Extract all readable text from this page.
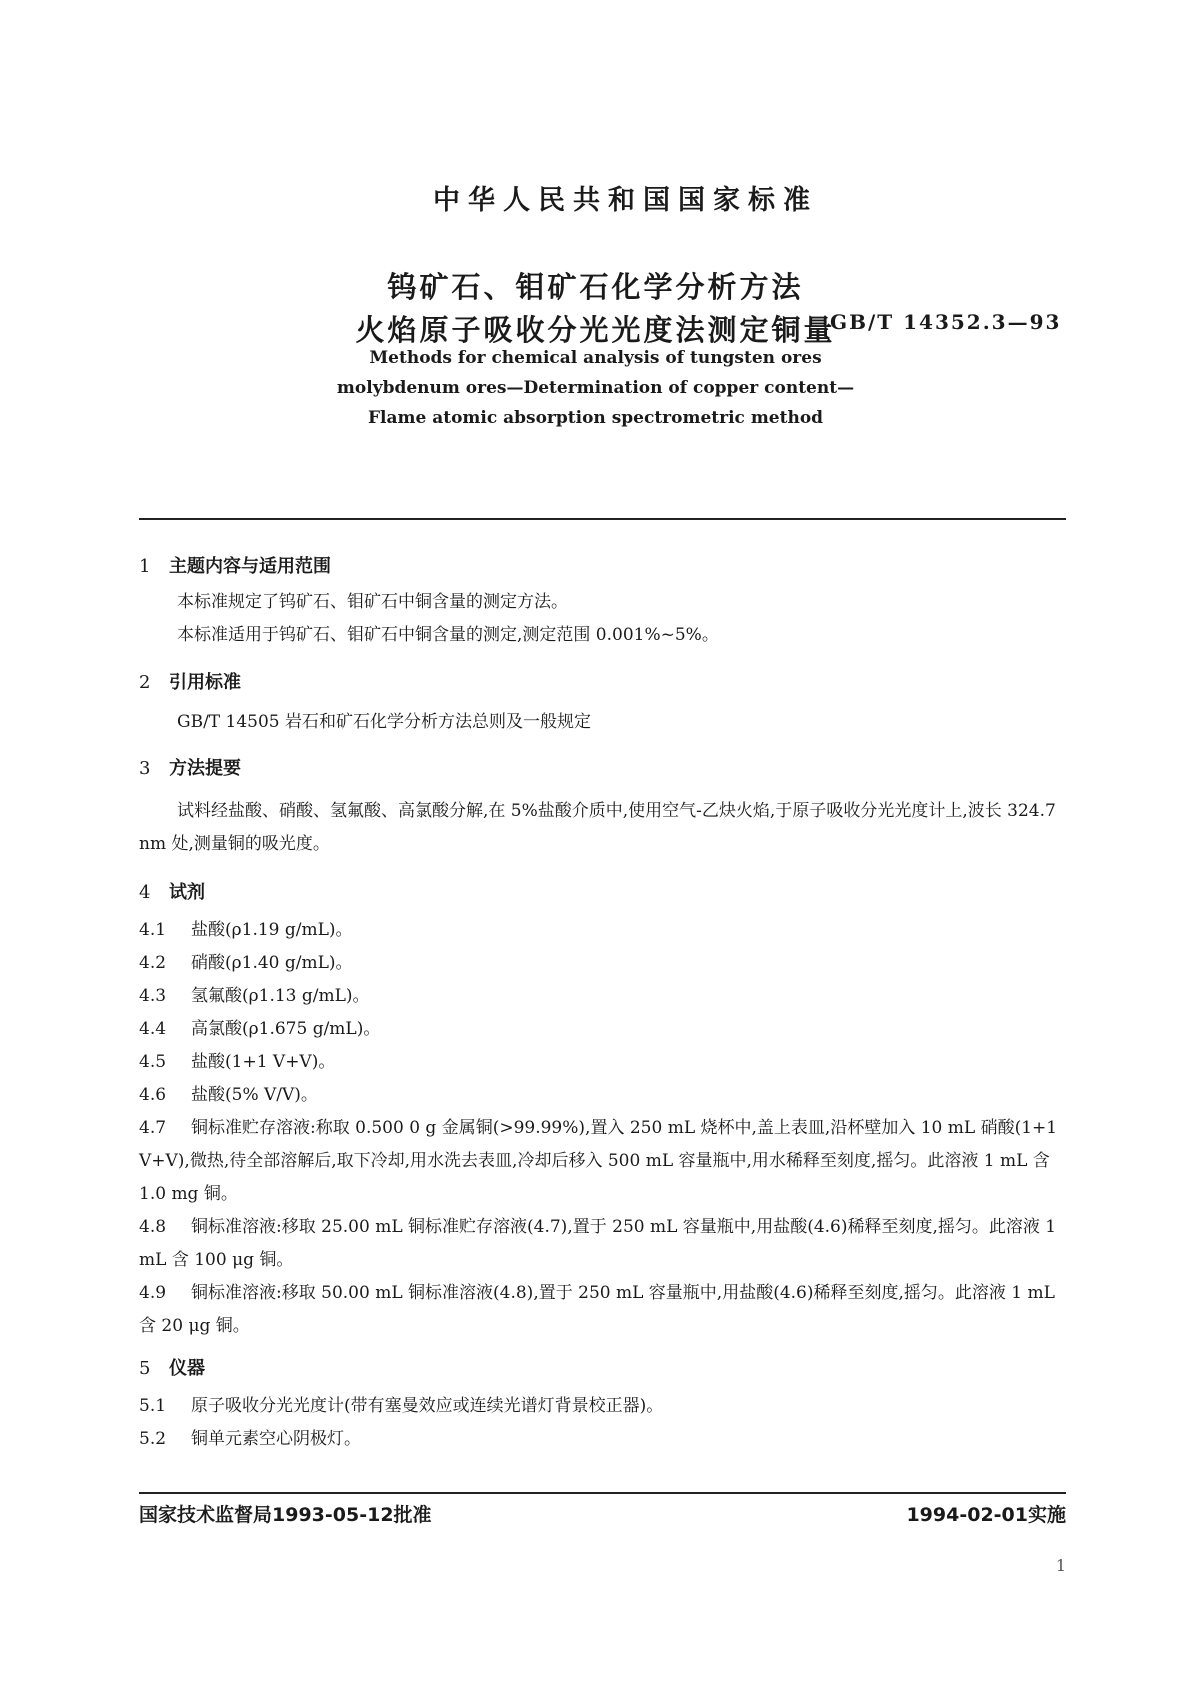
中华人民共和国国家标准
钨矿石、钼矿石化学分析方法
火焰原子吸收分光光度法测定铜量
GB/T 14352.3—93
Methods for chemical analysis of tungsten ores
molybdenum ores—Determination of copper content—
Flame atomic absorption spectrometric method
1 主题内容与适用范围
本标准规定了钨矿石、钼矿石中铜含量的测定方法。
本标准适用于钨矿石、钼矿石中铜含量的测定,测定范围 0.001%~5%。
2 引用标准
GB/T 14505 岩石和矿石化学分析方法总则及一般规定
3 方法提要
试料经盐酸、硝酸、氢氟酸、高氯酸分解,在 5%盐酸介质中,使用空气-乙炔火焰,于原子吸收分光光度计上,波长 324.7 nm 处,测量铜的吸光度。
4 试剂
4.1 盐酸(ρ1.19 g/mL)。
4.2 硝酸(ρ1.40 g/mL)。
4.3 氢氟酸(ρ1.13 g/mL)。
4.4 高氯酸(ρ1.675 g/mL)。
4.5 盐酸(1+1 V+V)。
4.6 盐酸(5% V/V)。
4.7 铜标准贮存溶液:称取 0.500 0 g 金属铜(>99.99%),置入 250 mL 烧杯中,盖上表皿,沿杯壁加入 10 mL 硝酸(1+1 V+V),微热,待全部溶解后,取下冷却,用水洗去表皿,冷却后移入 500 mL 容量瓶中,用水稀释至刻度,摇匀。此溶液 1 mL 含 1.0 mg 铜。
4.8 铜标准溶液:移取 25.00 mL 铜标准贮存溶液(4.7),置于 250 mL 容量瓶中,用盐酸(4.6)稀释至刻度,摇匀。此溶液 1 mL 含 100 μg 铜。
4.9 铜标准溶液:移取 50.00 mL 铜标准溶液(4.8),置于 250 mL 容量瓶中,用盐酸(4.6)稀释至刻度,摇匀。此溶液 1 mL 含 20 μg 铜。
5 仪器
5.1 原子吸收分光光度计(带有塞曼效应或连续光谱灯背景校正器)。
5.2 铜单元素空心阴极灯。
国家技术监督局1993-05-12批准	1994-02-01实施
1
